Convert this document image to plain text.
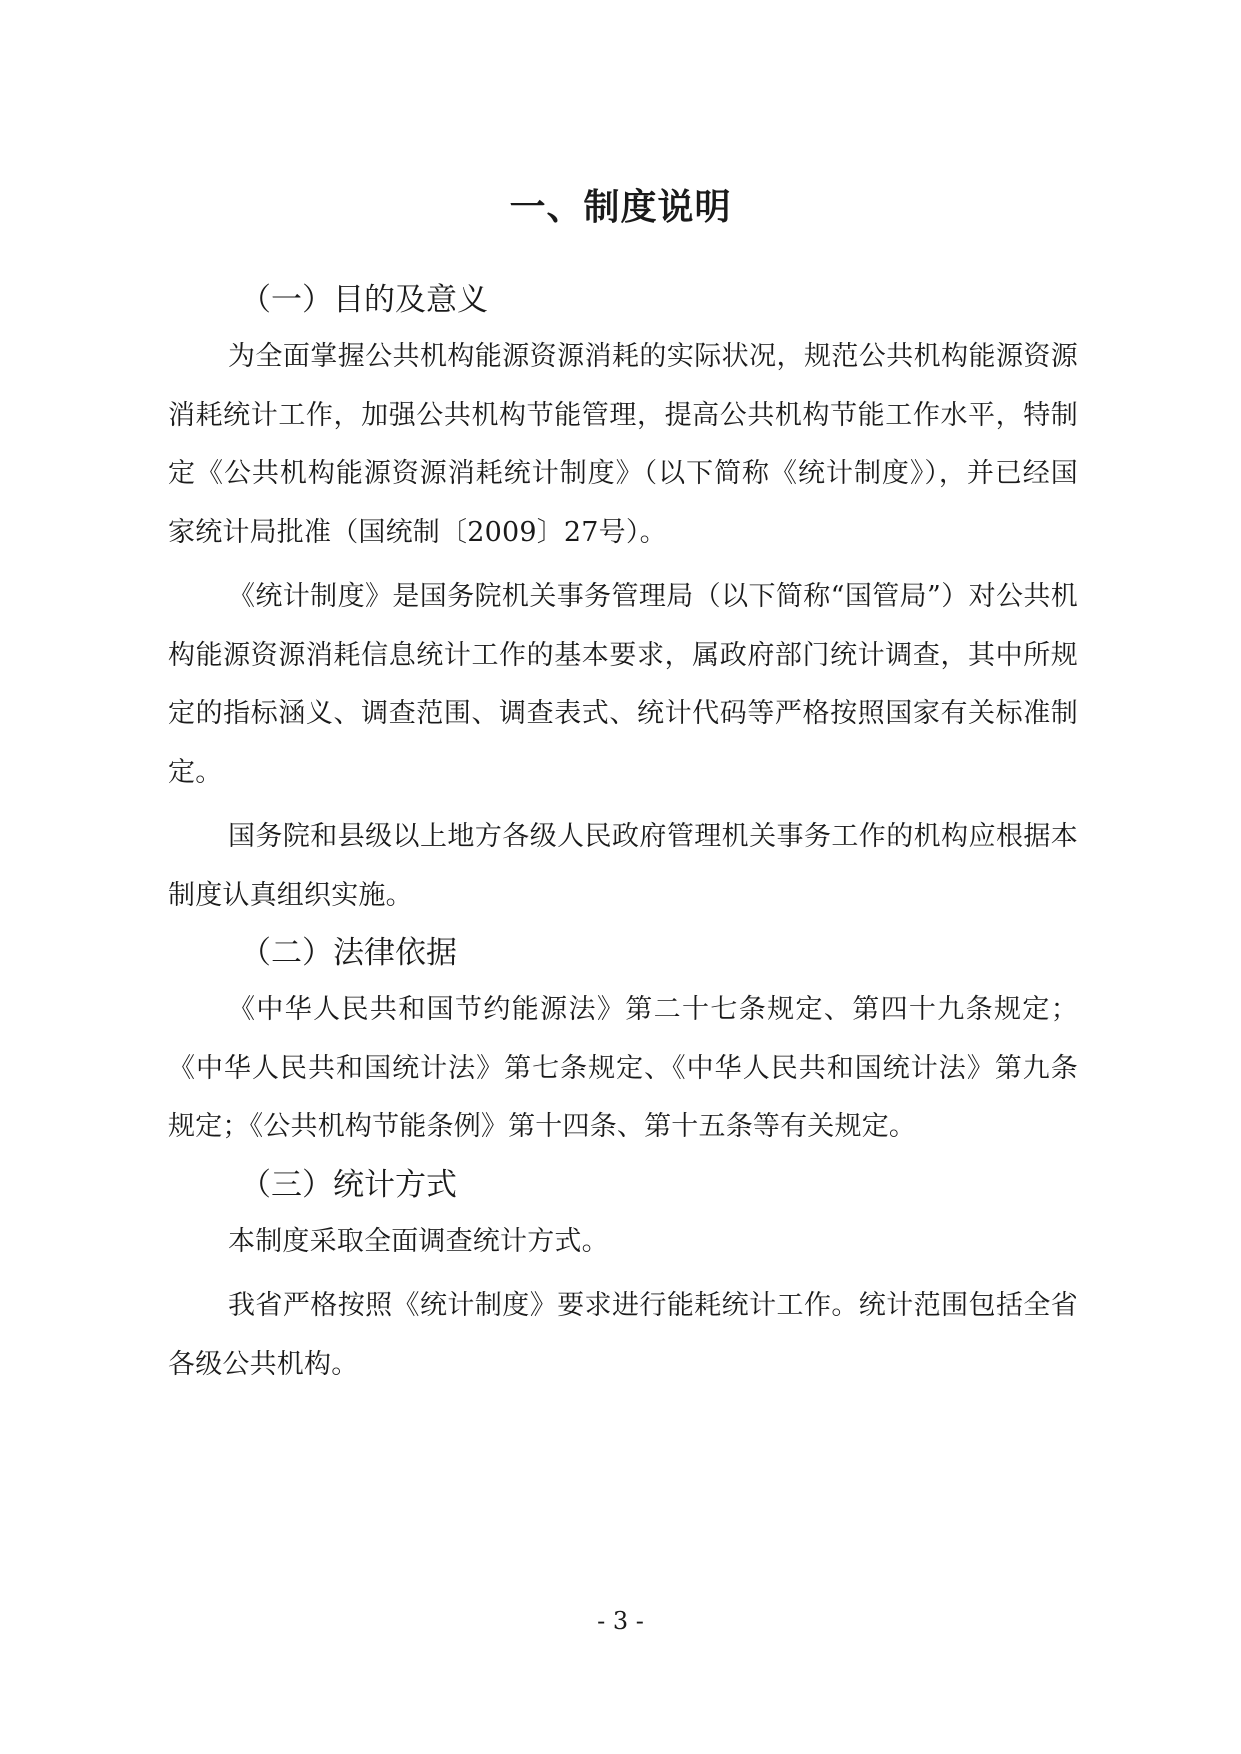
一、制度说明
（一）目的及意义

为全面掌握公共机构能源资源消耗的实际状况，规范公共机构能源资源消耗统计工作，加强公共机构节能管理，提高公共机构节能工作水平，特制定《公共机构能源资源消耗统计制度》（以下简称《统计制度》），并已经国家统计局批准（国统制〔2009〕27号）。

《统计制度》是国务院机关事务管理局（以下简称“国管局”）对公共机构能源资源消耗信息统计工作的基本要求，属政府部门统计调查，其中所规定的指标涵义、调查范围、调查表式、统计代码等严格按照国家有关标准制定。

国务院和县级以上地方各级人民政府管理机关事务工作的机构应根据本制度认真组织实施。

（二）法律依据

《中华人民共和国节约能源法》第二十七条规定、第四十九条规定；《中华人民共和国统计法》第七条规定、《中华人民共和国统计法》第九条规定；《公共机构节能条例》第十四条、第十五条等有关规定。

（三）统计方式

本制度采取全面调查统计方式。

我省严格按照《统计制度》要求进行能耗统计工作。统计范围包括全省各级公共机构。

- 3 -
